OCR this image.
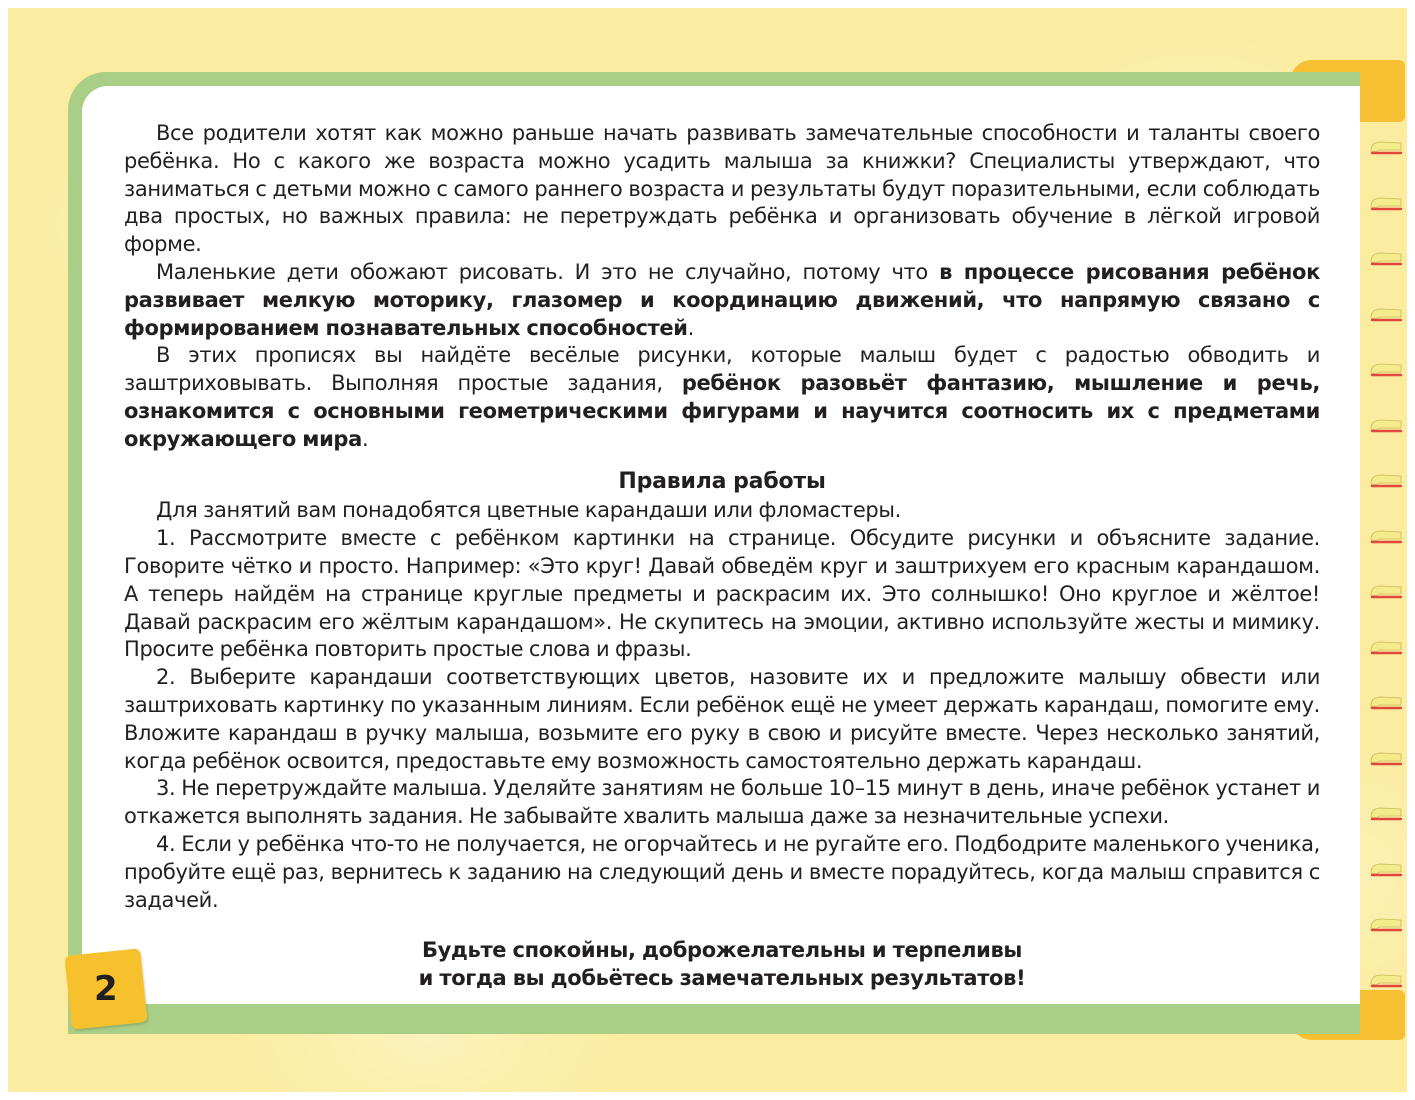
Все родители хотят как можно раньше начать развивать замечательные способности и таланты своего ребёнка. Но с какого же возраста можно усадить малыша за книжки? Специалисты утверждают, что заниматься с детьми можно с самого раннего возраста и результаты будут поразительными, если соблюдать два простых, но важных правила: не перетруждать ребёнка и организовать обучение в лёгкой игровой форме.

Маленькие дети обожают рисовать. И это не случайно, потому что в процессе рисования ребёнок развивает мелкую моторику, глазомер и координацию движений, что напрямую связано с формированием познавательных способностей.

В этих прописях вы найдёте весёлые рисунки, которые малыш будет с радостью обводить и заштриховывать. Выполняя простые задания, ребёнок разовьёт фантазию, мышление и речь, ознакомится с основными геометрическими фигурами и научится соотносить их с предметами окружающего мира.

Правила работы

Для занятий вам понадобятся цветные карандаши или фломастеры.

1. Рассмотрите вместе с ребёнком картинки на странице. Обсудите рисунки и объясните задание. Говорите чётко и просто. Например: «Это круг! Давай обведём круг и заштрихуем его красным карандашом. А теперь найдём на странице круглые предметы и раскрасим их. Это солнышко! Оно круглое и жёлтое! Давай раскрасим его жёлтым карандашом». Не скупитесь на эмоции, активно используйте жесты и мимику. Просите ребёнка повторить простые слова и фразы.

2. Выберите карандаши соответствующих цветов, назовите их и предложите малышу обвести или заштриховать картинку по указанным линиям. Если ребёнок ещё не умеет держать карандаш, помогите ему. Вложите карандаш в ручку малыша, возьмите его руку в свою и рисуйте вместе. Через несколько занятий, когда ребёнок освоится, предоставьте ему возможность самостоятельно держать карандаш.

3. Не перетруждайте малыша. Уделяйте занятиям не больше 10–15 минут в день, иначе ребёнок устанет и откажется выполнять задания. Не забывайте хвалить малыша даже за незначительные успехи.

4. Если у ребёнка что-то не получается, не огорчайтесь и не ругайте его. Подбодрите маленького ученика, пробуйте ещё раз, вернитесь к заданию на следующий день и вместе порадуйтесь, когда малыш справится с задачей.

Будьте спокойны, доброжелательны и терпеливы
и тогда вы добьётесь замечательных результатов!
2
